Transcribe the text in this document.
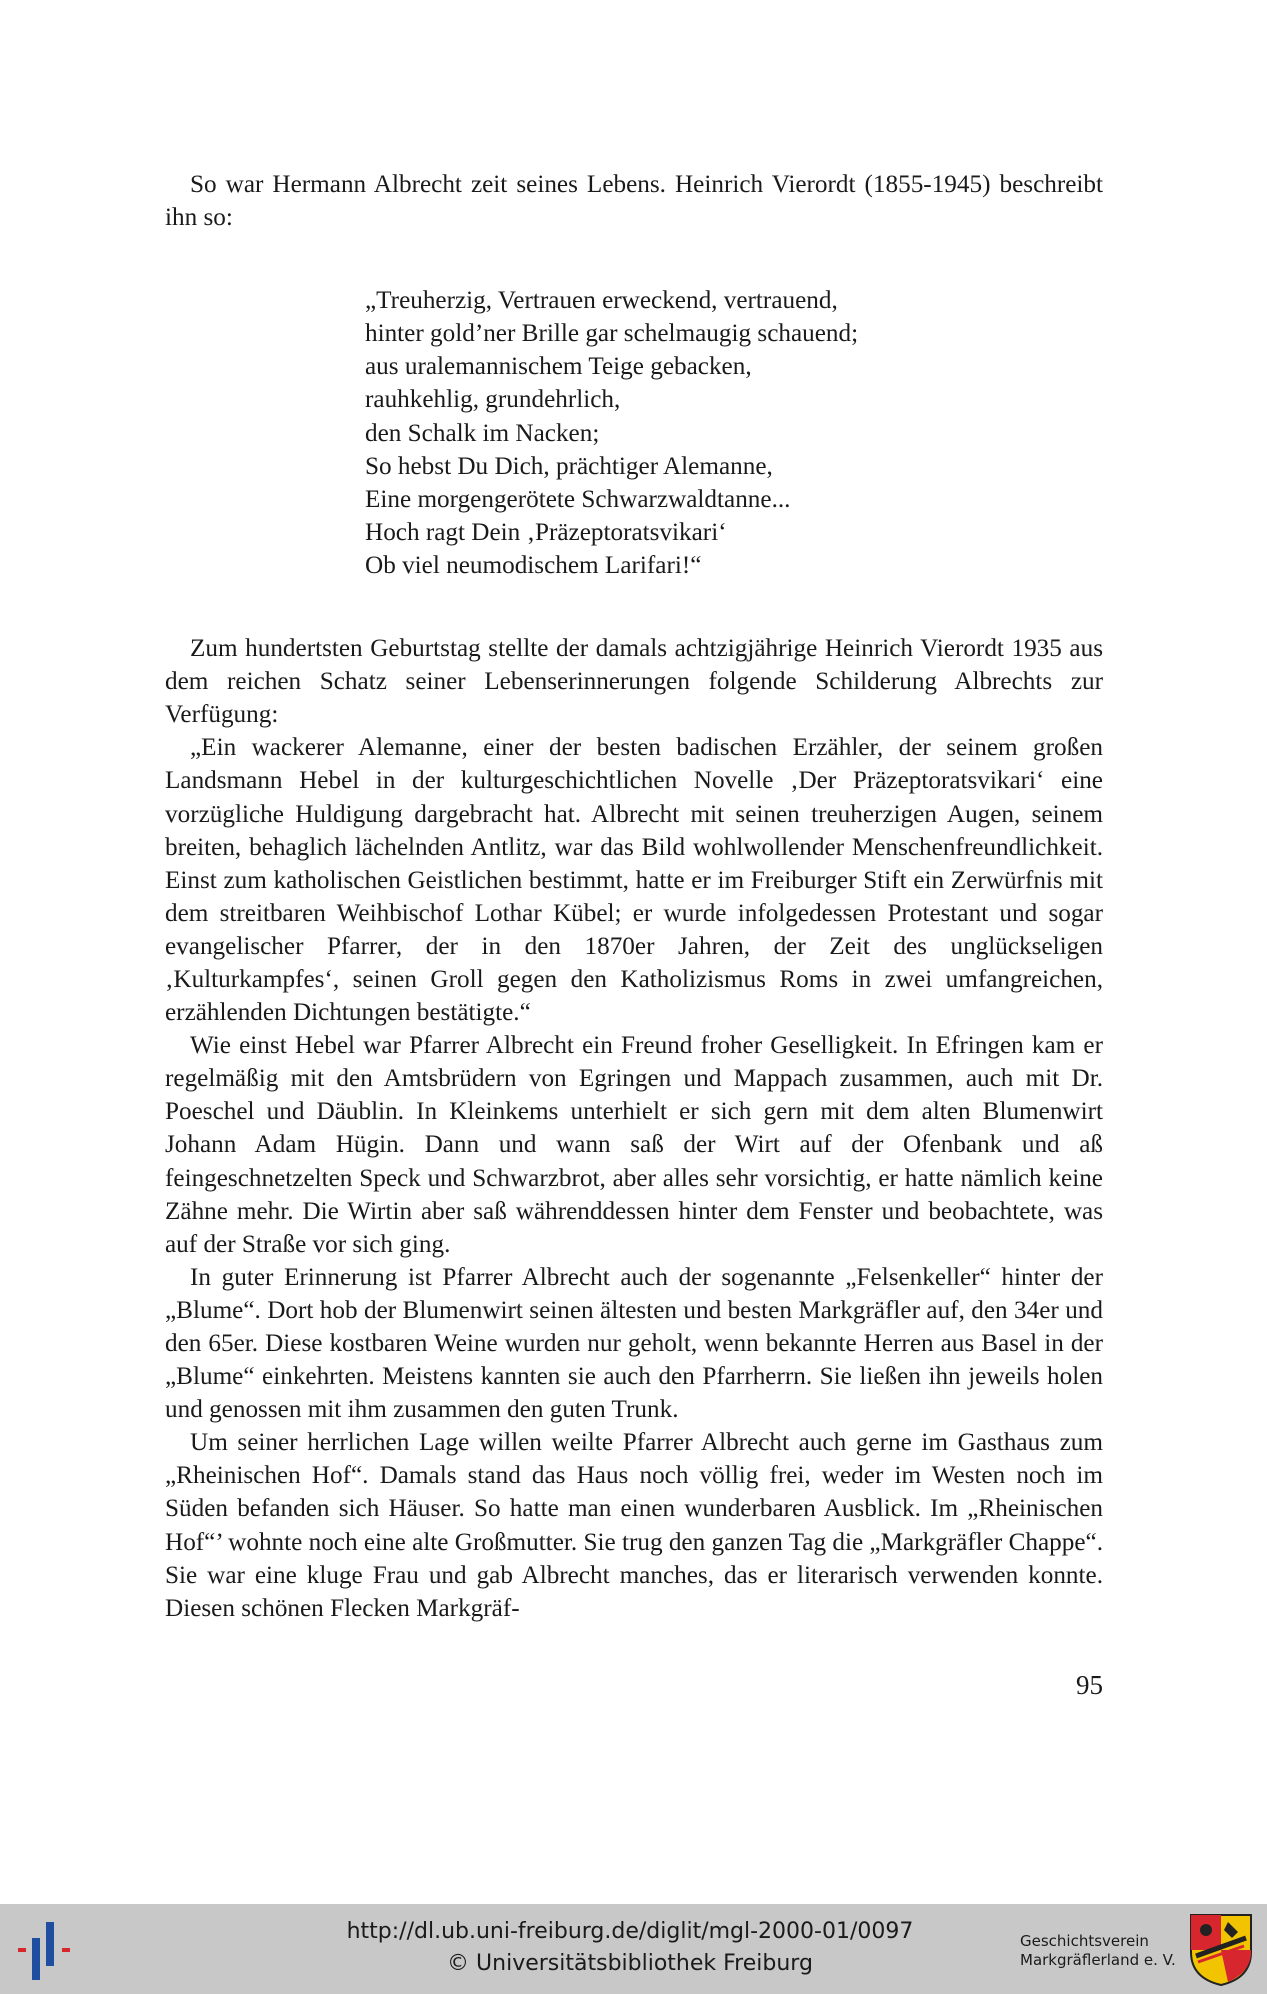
So war Hermann Albrecht zeit seines Lebens. Heinrich Vierordt (1855-1945) beschreibt ihn so:

„Treuherzig, Vertrauen erweckend, vertrauend,
hinter gold’ner Brille gar schelmaugig schauend;
aus uralemannischem Teige gebacken,
rauhkehlig, grundehrlich,
den Schalk im Nacken;
So hebst Du Dich, prächtiger Alemanne,
Eine morgengerötete Schwarzwaldtanne...
Hoch ragt Dein ‚Präzeptoratsvikari‘
Ob viel neumodischem Larifari!“

Zum hundertsten Geburtstag stellte der damals achtzigjährige Heinrich Vierordt 1935 aus dem reichen Schatz seiner Lebenserinnerungen folgende Schilderung Albrechts zur Verfügung:

„Ein wackerer Alemanne, einer der besten badischen Erzähler, der seinem großen Landsmann Hebel in der kulturgeschichtlichen Novelle ‚Der Präzeptoratsvikari‘ eine vorzügliche Huldigung dargebracht hat. Albrecht mit seinen treuherzigen Augen, seinem breiten, behaglich lächelnden Antlitz, war das Bild wohlwollender Menschenfreundlichkeit. Einst zum katholischen Geistlichen bestimmt, hatte er im Freiburger Stift ein Zerwürfnis mit dem streitbaren Weihbischof Lothar Kübel; er wurde infolgedessen Protestant und sogar evangelischer Pfarrer, der in den 1870er Jahren, der Zeit des unglückseligen ‚Kulturkampfes‘, seinen Groll gegen den Katholizismus Roms in zwei umfangreichen, erzählenden Dichtungen bestätigte.“

Wie einst Hebel war Pfarrer Albrecht ein Freund froher Geselligkeit. In Efringen kam er regelmäßig mit den Amtsbrüdern von Egringen und Mappach zusammen, auch mit Dr. Poeschel und Däublin. In Kleinkems unterhielt er sich gern mit dem alten Blumenwirt Johann Adam Hügin. Dann und wann saß der Wirt auf der Ofenbank und aß feingeschnetzelten Speck und Schwarzbrot, aber alles sehr vorsichtig, er hatte nämlich keine Zähne mehr. Die Wirtin aber saß währenddessen hinter dem Fenster und beobachtete, was auf der Straße vor sich ging.

In guter Erinnerung ist Pfarrer Albrecht auch der sogenannte „Felsenkeller“ hinter der „Blume“. Dort hob der Blumenwirt seinen ältesten und besten Markgräfler auf, den 34er und den 65er. Diese kostbaren Weine wurden nur geholt, wenn bekannte Herren aus Basel in der „Blume“ einkehrten. Meistens kannten sie auch den Pfarrherrn. Sie ließen ihn jeweils holen und genossen mit ihm zusammen den guten Trunk.

Um seiner herrlichen Lage willen weilte Pfarrer Albrecht auch gerne im Gasthaus zum „Rheinischen Hof“. Damals stand das Haus noch völlig frei, weder im Westen noch im Süden befanden sich Häuser. So hatte man einen wunderbaren Ausblick. Im „Rheinischen Hof“’ wohnte noch eine alte Großmutter. Sie trug den ganzen Tag die „Markgräfler Chappe“. Sie war eine kluge Frau und gab Albrecht manches, das er literarisch verwenden konnte. Diesen schönen Flecken Markgräf-

95
http://dl.ub.uni-freiburg.de/diglit/mgl-2000-01/0097
© Universitätsbibliothek Freiburg
Geschichtsverein
Markgräflerland e. V.
